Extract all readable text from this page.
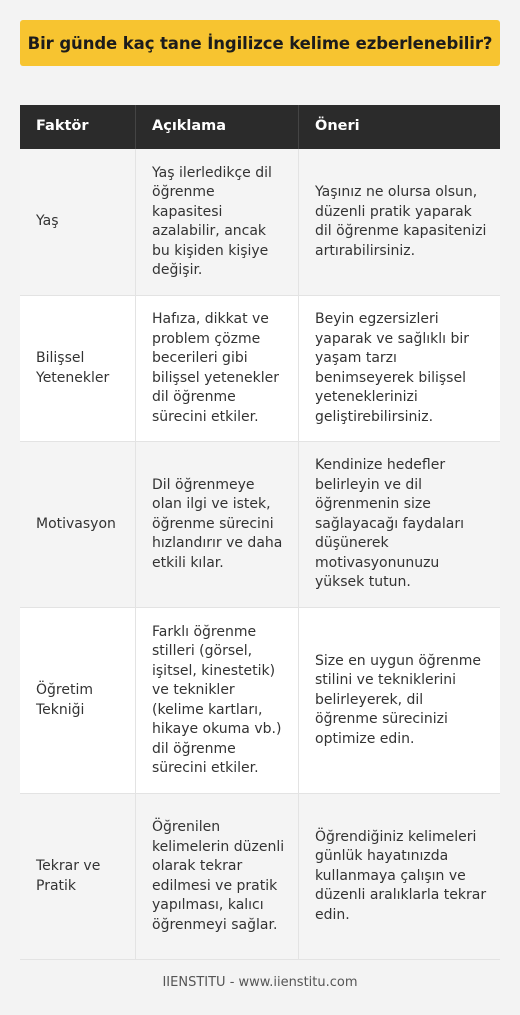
Bir günde kaç tane İngilizce kelime ezberlenebilir?
Faktör	Açıklama	Öneri
Yaş
Yaş ilerledikçe dil öğrenme kapasitesi azalabilir, ancak bu kişiden kişiye değişir.
Yaşınız ne olursa olsun, düzenli pratik yaparak dil öğrenme kapasitenizi artırabilirsiniz.
Bilişsel Yetenekler
Hafıza, dikkat ve problem çözme becerileri gibi bilişsel yetenekler dil öğrenme sürecini etkiler.
Beyin egzersizleri yaparak ve sağlıklı bir yaşam tarzı benimseyerek bilişsel yeteneklerinizi geliştirebilirsiniz.
Motivasyon
Dil öğrenmeye olan ilgi ve istek, öğrenme sürecini hızlandırır ve daha etkili kılar.
Kendinize hedefler belirleyin ve dil öğrenmenin size sağlayacağı faydaları düşünerek motivasyonunuzu yüksek tutun.
Öğretim Tekniği
Farklı öğrenme stilleri (görsel, işitsel, kinestetik) ve teknikler (kelime kartları, hikaye okuma vb.) dil öğrenme sürecini etkiler.
Size en uygun öğrenme stilini ve tekniklerini belirleyerek, dil öğrenme sürecinizi optimize edin.
Tekrar ve Pratik
Öğrenilen kelimelerin düzenli olarak tekrar edilmesi ve pratik yapılması, kalıcı öğrenmeyi sağlar.
Öğrendiğiniz kelimeleri günlük hayatınızda kullanmaya çalışın ve düzenli aralıklarla tekrar edin.
IIENSTITU - www.iienstitu.com
